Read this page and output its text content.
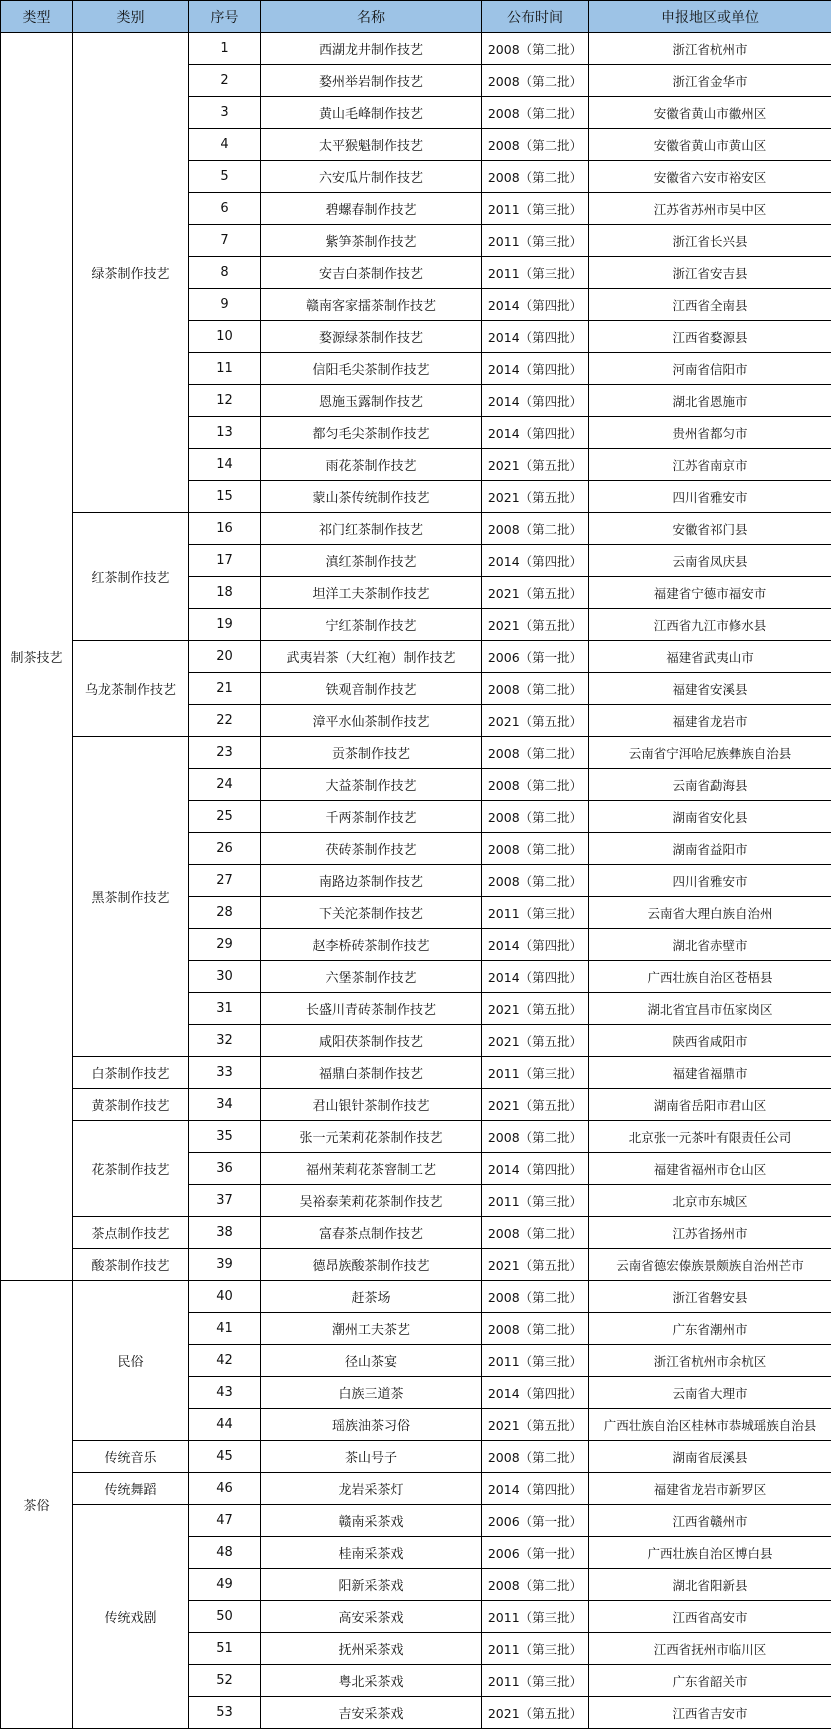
类型	类别	序号	名称	公布时间	申报地区或单位
制茶技艺	绿茶制作技艺	1	西湖龙井制作技艺	2008（第二批）	浙江省杭州市
		2	婺州举岩制作技艺	2008（第二批）	浙江省金华市
		3	黄山毛峰制作技艺	2008（第二批）	安徽省黄山市徽州区
		4	太平猴魁制作技艺	2008（第二批）	安徽省黄山市黄山区
		5	六安瓜片制作技艺	2008（第二批）	安徽省六安市裕安区
		6	碧螺春制作技艺	2011（第三批）	江苏省苏州市吴中区
		7	紫笋茶制作技艺	2011（第三批）	浙江省长兴县
		8	安吉白茶制作技艺	2011（第三批）	浙江省安吉县
		9	赣南客家擂茶制作技艺	2014（第四批）	江西省全南县
		10	婺源绿茶制作技艺	2014（第四批）	江西省婺源县
		11	信阳毛尖茶制作技艺	2014（第四批）	河南省信阳市
		12	恩施玉露制作技艺	2014（第四批）	湖北省恩施市
		13	都匀毛尖茶制作技艺	2014（第四批）	贵州省都匀市
		14	雨花茶制作技艺	2021（第五批）	江苏省南京市
		15	蒙山茶传统制作技艺	2021（第五批）	四川省雅安市
	红茶制作技艺	16	祁门红茶制作技艺	2008（第二批）	安徽省祁门县
		17	滇红茶制作技艺	2014（第四批）	云南省凤庆县
		18	坦洋工夫茶制作技艺	2021（第五批）	福建省宁德市福安市
		19	宁红茶制作技艺	2021（第五批）	江西省九江市修水县
	乌龙茶制作技艺	20	武夷岩茶（大红袍）制作技艺	2006（第一批）	福建省武夷山市
		21	铁观音制作技艺	2008（第二批）	福建省安溪县
		22	漳平水仙茶制作技艺	2021（第五批）	福建省龙岩市
	黑茶制作技艺	23	贡茶制作技艺	2008（第二批）	云南省宁洱哈尼族彝族自治县
		24	大益茶制作技艺	2008（第二批）	云南省勐海县
		25	千两茶制作技艺	2008（第二批）	湖南省安化县
		26	茯砖茶制作技艺	2008（第二批）	湖南省益阳市
		27	南路边茶制作技艺	2008（第二批）	四川省雅安市
		28	下关沱茶制作技艺	2011（第三批）	云南省大理白族自治州
		29	赵李桥砖茶制作技艺	2014（第四批）	湖北省赤壁市
		30	六堡茶制作技艺	2014（第四批）	广西壮族自治区苍梧县
		31	长盛川青砖茶制作技艺	2021（第五批）	湖北省宜昌市伍家岗区
		32	咸阳茯茶制作技艺	2021（第五批）	陕西省咸阳市
	白茶制作技艺	33	福鼎白茶制作技艺	2011（第三批）	福建省福鼎市
	黄茶制作技艺	34	君山银针茶制作技艺	2021（第五批）	湖南省岳阳市君山区
	花茶制作技艺	35	张一元茉莉花茶制作技艺	2008（第二批）	北京张一元茶叶有限责任公司
		36	福州茉莉花茶窨制工艺	2014（第四批）	福建省福州市仓山区
		37	吴裕泰茉莉花茶制作技艺	2011（第三批）	北京市东城区
	茶点制作技艺	38	富春茶点制作技艺	2008（第二批）	江苏省扬州市
	酸茶制作技艺	39	德昂族酸茶制作技艺	2021（第五批）	云南省德宏傣族景颇族自治州芒市
茶俗	民俗	40	赶茶场	2008（第二批）	浙江省磐安县
		41	潮州工夫茶艺	2008（第二批）	广东省潮州市
		42	径山茶宴	2011（第三批）	浙江省杭州市余杭区
		43	白族三道茶	2014（第四批）	云南省大理市
		44	瑶族油茶习俗	2021（第五批）	广西壮族自治区桂林市恭城瑶族自治县
	传统音乐	45	茶山号子	2008（第二批）	湖南省辰溪县
	传统舞蹈	46	龙岩采茶灯	2014（第四批）	福建省龙岩市新罗区
	传统戏剧	47	赣南采茶戏	2006（第一批）	江西省赣州市
		48	桂南采茶戏	2006（第一批）	广西壮族自治区博白县
		49	阳新采茶戏	2008（第二批）	湖北省阳新县
		50	高安采茶戏	2011（第三批）	江西省高安市
		51	抚州采茶戏	2011（第三批）	江西省抚州市临川区
		52	粤北采茶戏	2011（第三批）	广东省韶关市
		53	吉安采茶戏	2021（第五批）	江西省吉安市
